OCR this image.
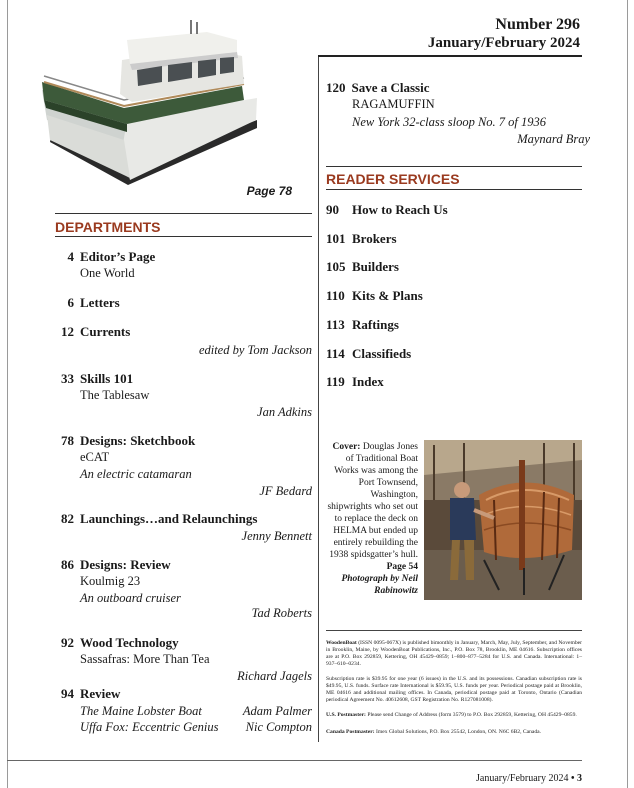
Number 296
January/February 2024
Page 78
DEPARTMENTS
4 Editor’s Page
One World
6 Letters
12 Currents
edited by Tom Jackson
33 Skills 101
The Tablesaw
Jan Adkins
78 Designs: Sketchbook
eCAT
An electric catamaran
JF Bedard
82 Launchings…and Relaunchings
Jenny Bennett
86 Designs: Review
Koulmig 23
An outboard cruiser
Tad Roberts
92 Wood Technology
Sassafras: More Than Tea
Richard Jagels
94 Review
The Maine Lobster Boat	Adam Palmer
Uffa Fox: Eccentric Genius	Nic Compton
120 Save a Classic
RAGAMUFFIN
New York 32-class sloop No. 7 of 1936
Maynard Bray
READER SERVICES
90 How to Reach Us
101 Brokers
105 Builders
110 Kits & Plans
113 Raftings
114 Classifieds
119 Index
Cover: Douglas Jones of Traditional Boat Works was among the Port Townsend, Washington, shipwrights who set out to replace the deck on HELMA but ended up entirely rebuilding the 1938 spidsgatter’s hull.
Page 54
Photograph by Neil Rabinowitz
WoodenBoat (ISSN 0095-067X) is published bimonthly in January, March, May, July, September, and November in Brooklin, Maine, by WoodenBoat Publications, Inc., P.O. Box 78, Brooklin, ME 04616. Subscription offices are at P.O. Box 292859, Kettering, OH 45429–0859; 1–800–877–5284 for U.S. and Canada. International: 1–937–610–0234.
Subscription rate is $39.95 for one year (6 issues) in the U.S. and its possessions. Canadian subscription rate is $49.95, U.S. funds. Surface rate International is $59.95, U.S. funds per year. Periodical postage paid at Brooklin, ME 04616 and additional mailing offices. In Canada, periodical postage paid at Toronto, Ontario (Canadian periodical Agreement No. 40612608, GST Registration No. R127081008).
U.S. Postmaster: Please send Change of Address (form 3579) to P.O. Box 292859, Kettering, OH 45429–0859.
Canada Postmaster: Imex Global Solutions, P.O. Box 25542, London, ON. N6C 6B2, Canada.
January/February 2024 • 3
